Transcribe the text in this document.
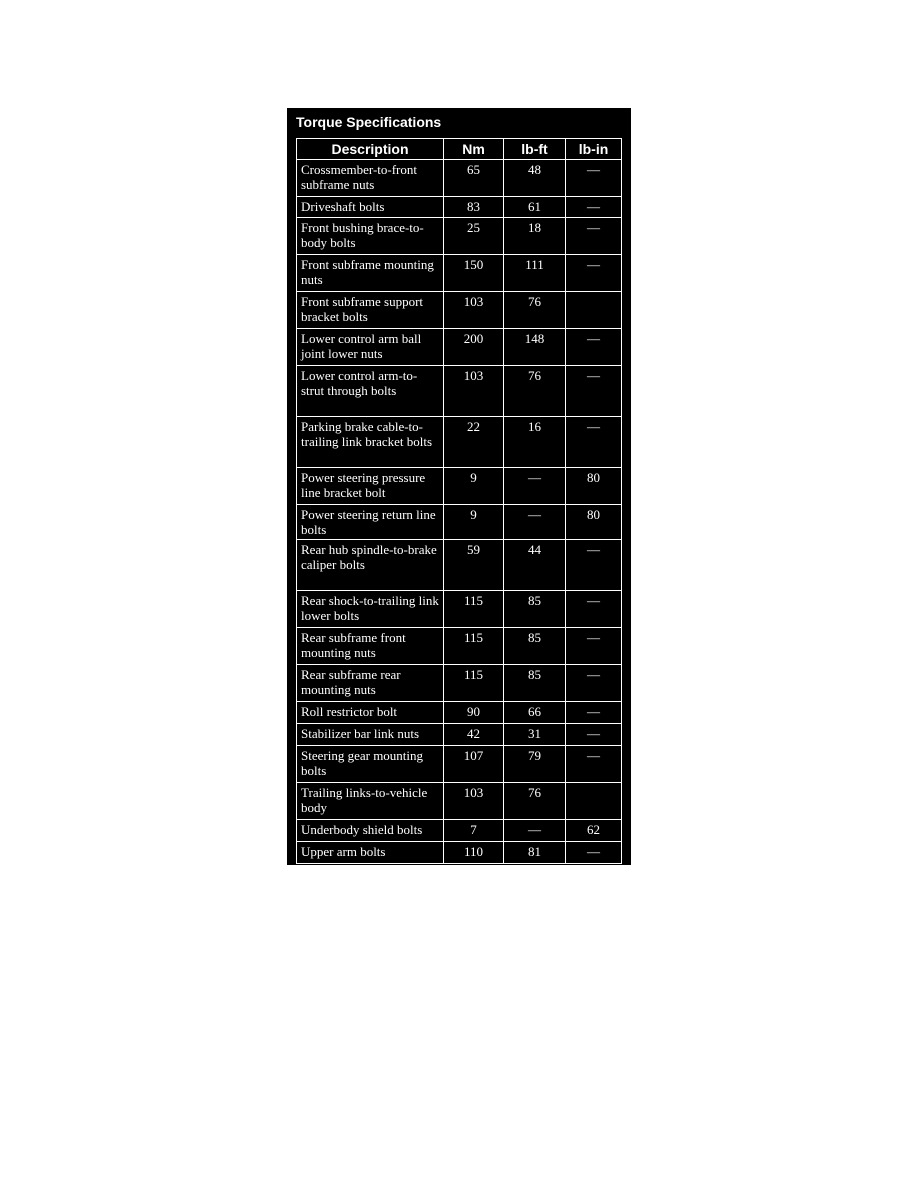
Torque Specifications
Description	Nm	lb-ft	lb-in
Crossmember-to-front subframe nuts	65	48	—
Driveshaft bolts	83	61	—
Front bushing brace-to-body bolts	25	18	—
Front subframe mounting nuts	150	111	—
Front subframe support bracket bolts	103	76	
Lower control arm ball joint lower nuts	200	148	—
Lower control arm-to-strut through bolts	103	76	—
Parking brake cable-to-trailing link bracket bolts	22	16	—
Power steering pressure line bracket bolt	9	—	80
Power steering return line bolts	9	—	80
Rear hub spindle-to-brake caliper bolts	59	44	—
Rear shock-to-trailing link lower bolts	115	85	—
Rear subframe front mounting nuts	115	85	—
Rear subframe rear mounting nuts	115	85	—
Roll restrictor bolt	90	66	—
Stabilizer bar link nuts	42	31	—
Steering gear mounting bolts	107	79	—
Trailing links-to-vehicle body	103	76	
Underbody shield bolts	7	—	62
Upper arm bolts	110	81	—
